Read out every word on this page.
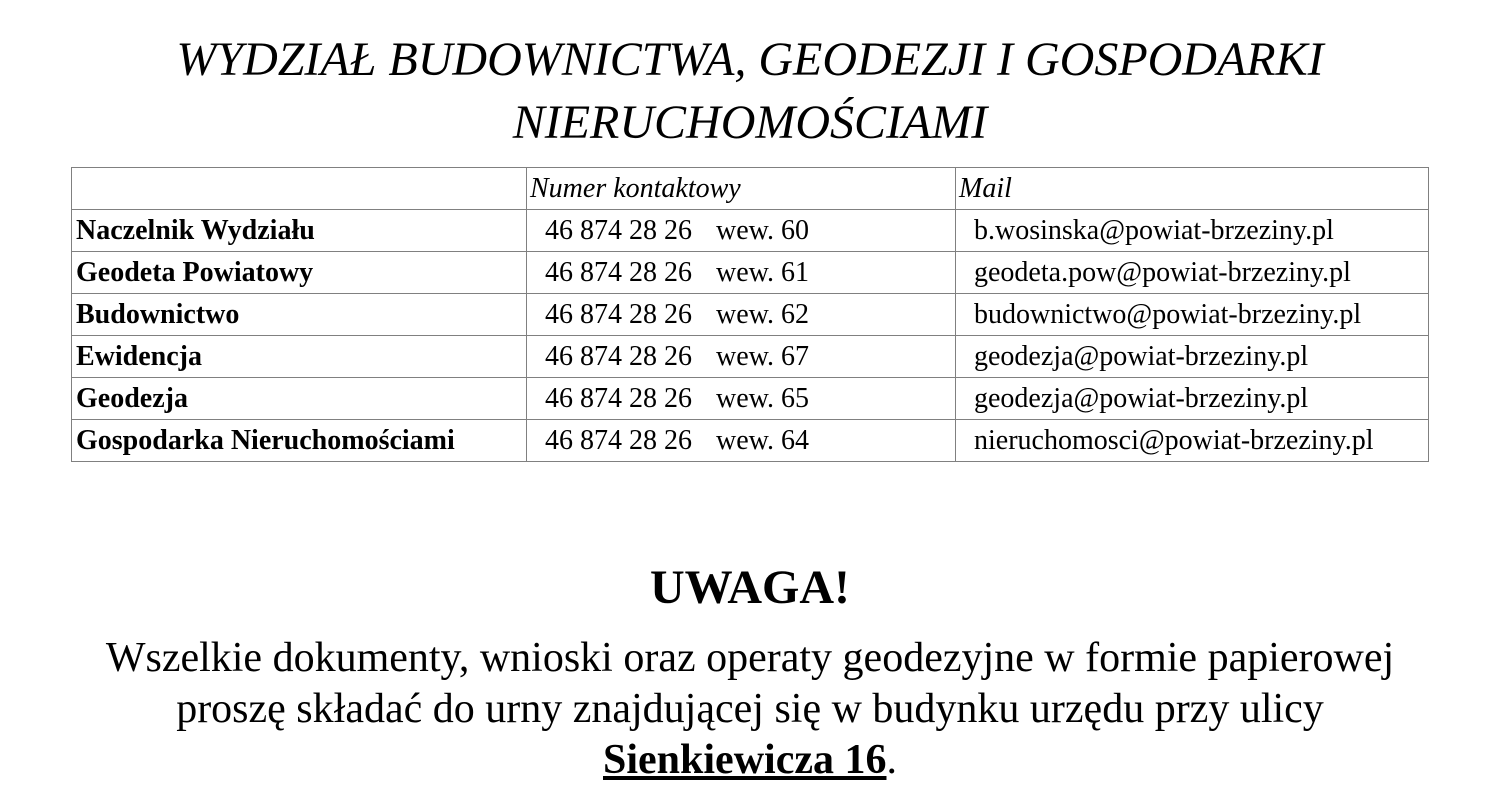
WYDZIAŁ BUDOWNICTWA, GEODEZJI I GOSPODARKI
NIERUCHOMOŚCIAMI
	Numer kontaktowy	Mail
Naczelnik Wydziału	46 874 28 26 wew. 60	b.wosinska@powiat-brzeziny.pl
Geodeta Powiatowy	46 874 28 26 wew. 61	geodeta.pow@powiat-brzeziny.pl
Budownictwo	46 874 28 26 wew. 62	budownictwo@powiat-brzeziny.pl
Ewidencja	46 874 28 26 wew. 67	geodezja@powiat-brzeziny.pl
Geodezja	46 874 28 26 wew. 65	geodezja@powiat-brzeziny.pl
Gospodarka Nieruchomościami	46 874 28 26 wew. 64	nieruchomosci@powiat-brzeziny.pl
UWAGA!
Wszelkie dokumenty, wnioski oraz operaty geodezyjne w formie papierowej
proszę składać do urny znajdującej się w budynku urzędu przy ulicy
Sienkiewicza 16.
